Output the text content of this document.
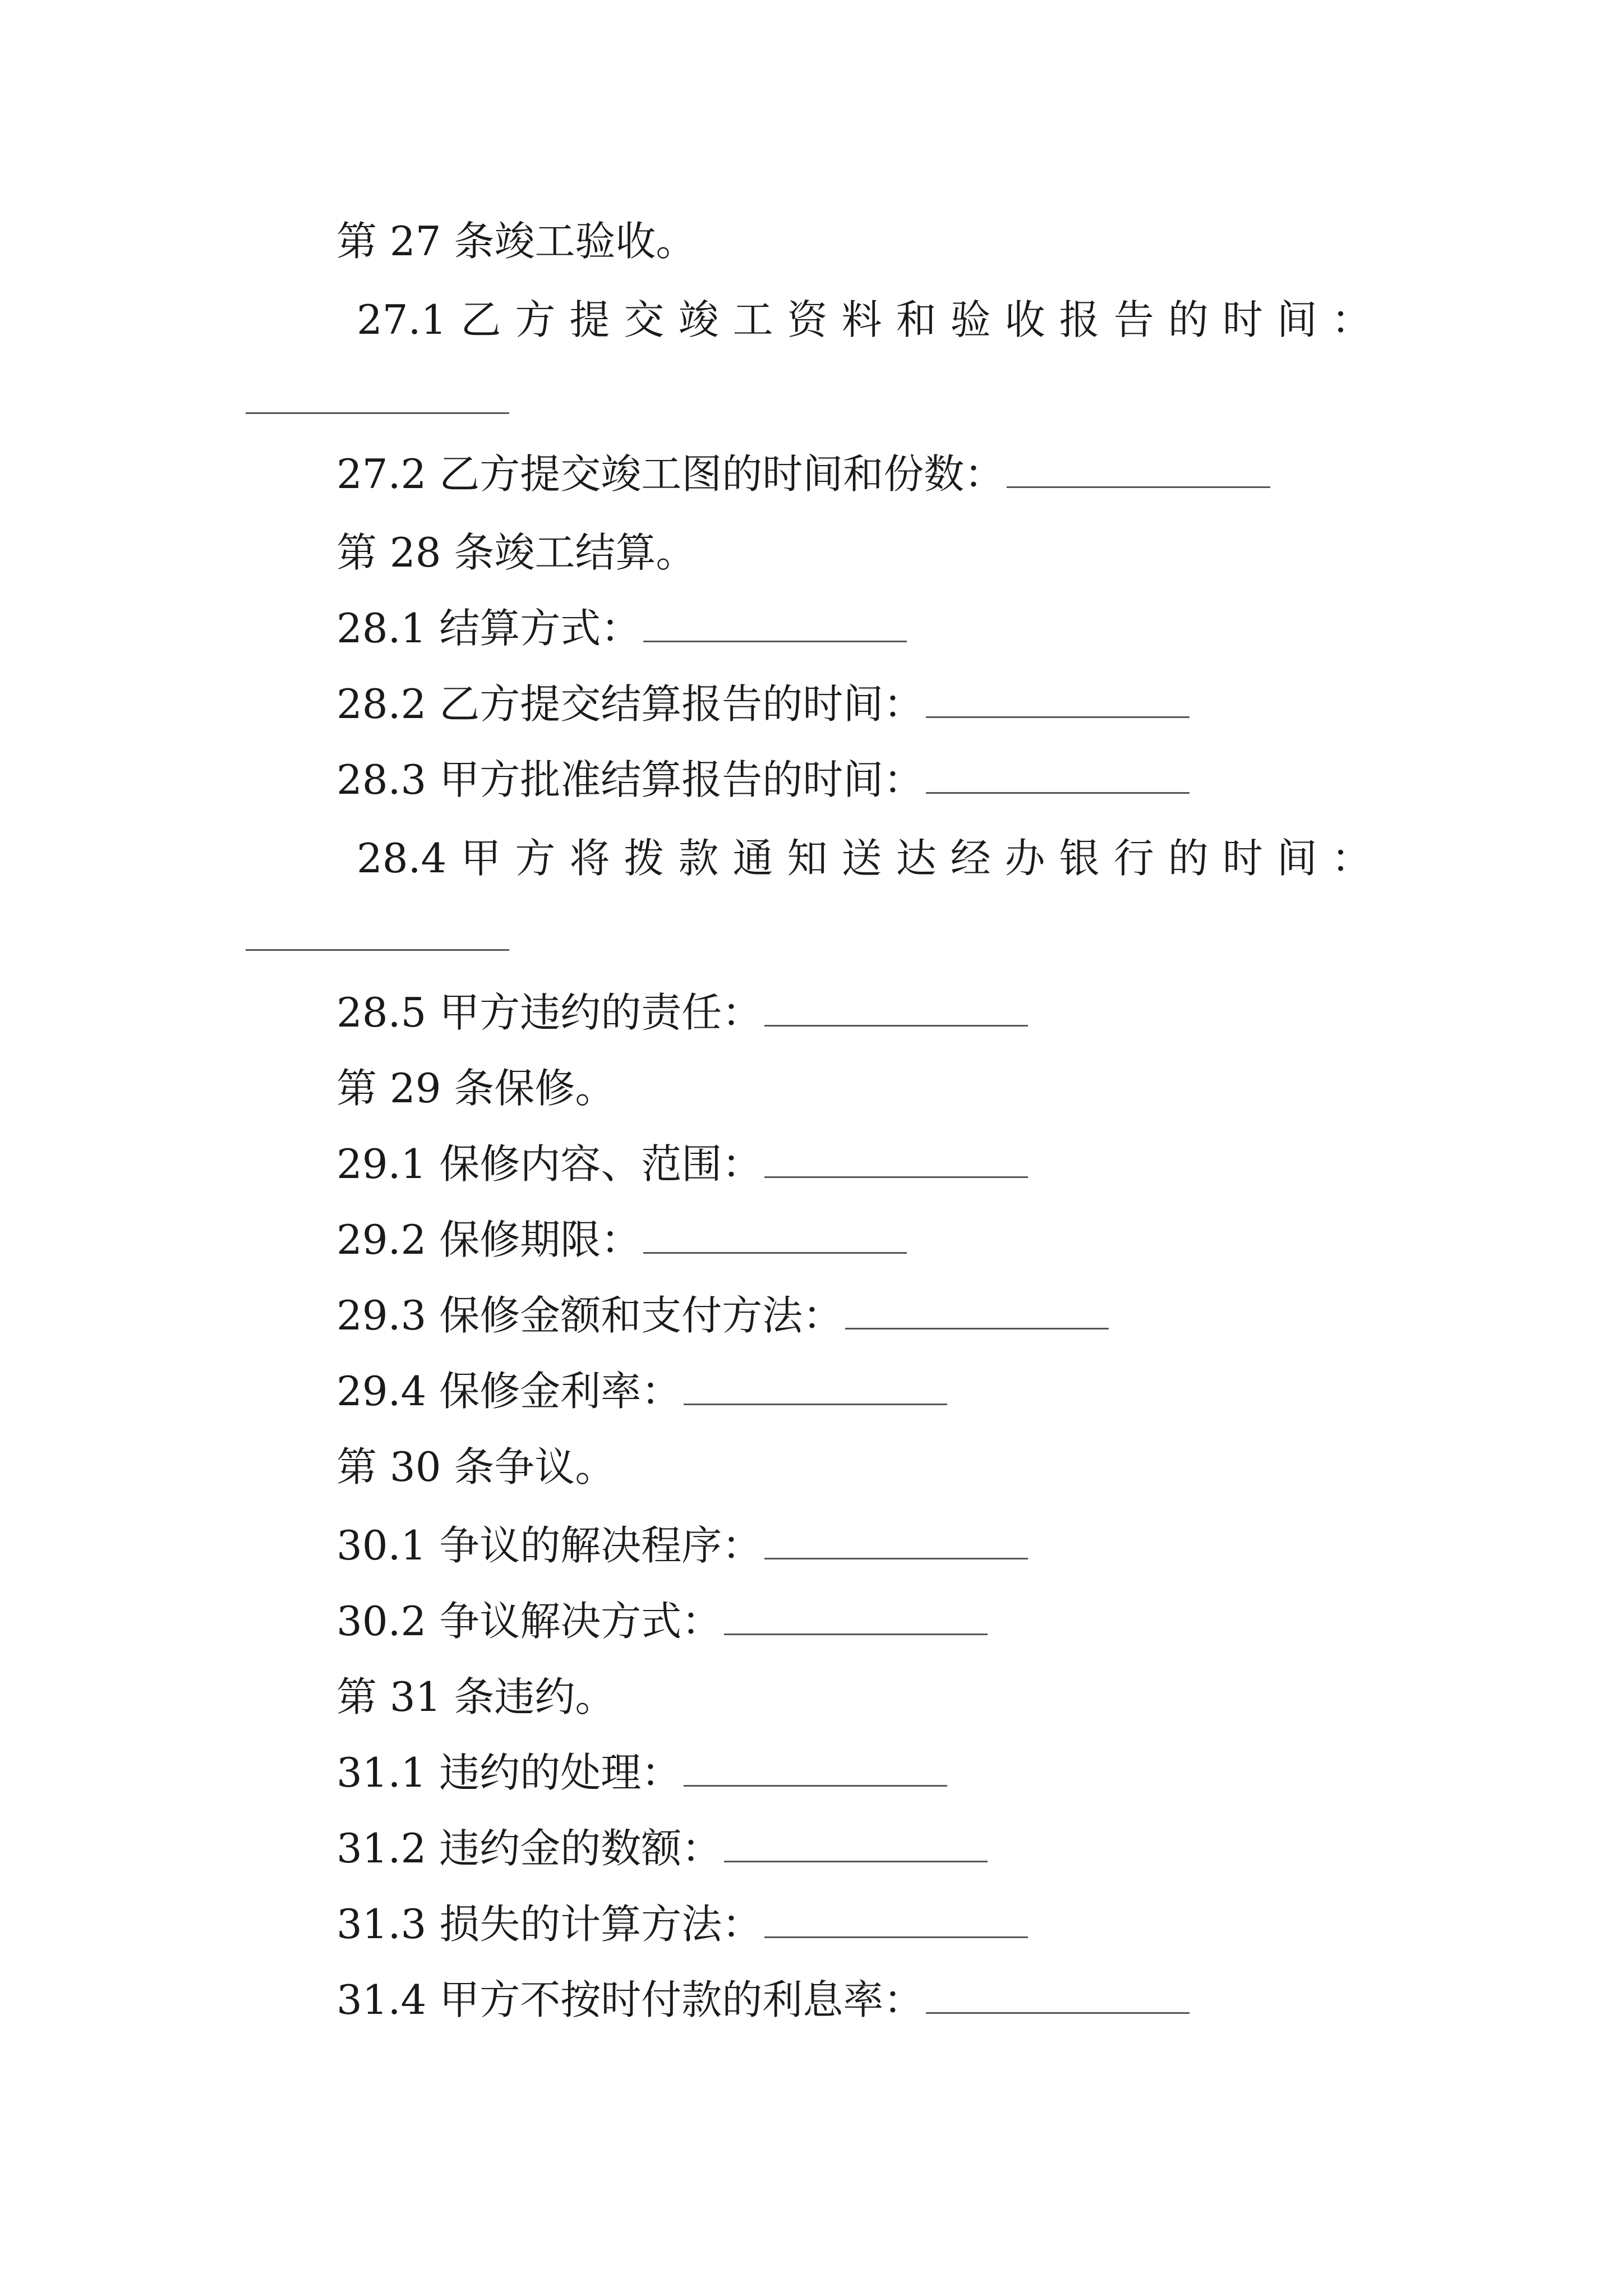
第 27 条竣工验收。
27.1 乙 方 提 交 竣 工 资 料 和 验 收 报 告 的 时 间 ：
27.2 乙方提交竣工图的时间和份数：
第 28 条竣工结算。
28.1 结算方式：
28.2 乙方提交结算报告的时间：
28.3 甲方批准结算报告的时间：
28.4 甲 方 将 拨 款 通 知 送 达 经 办 银 行 的 时 间 ：
28.5 甲方违约的责任：
第 29 条保修。
29.1 保修内容、范围：
29.2 保修期限：
29.3 保修金额和支付方法：
29.4 保修金利率：
第 30 条争议。
30.1 争议的解决程序：
30.2 争议解决方式：
第 31 条违约。
31.1 违约的处理：
31.2 违约金的数额：
31.3 损失的计算方法：
31.4 甲方不按时付款的利息率：
